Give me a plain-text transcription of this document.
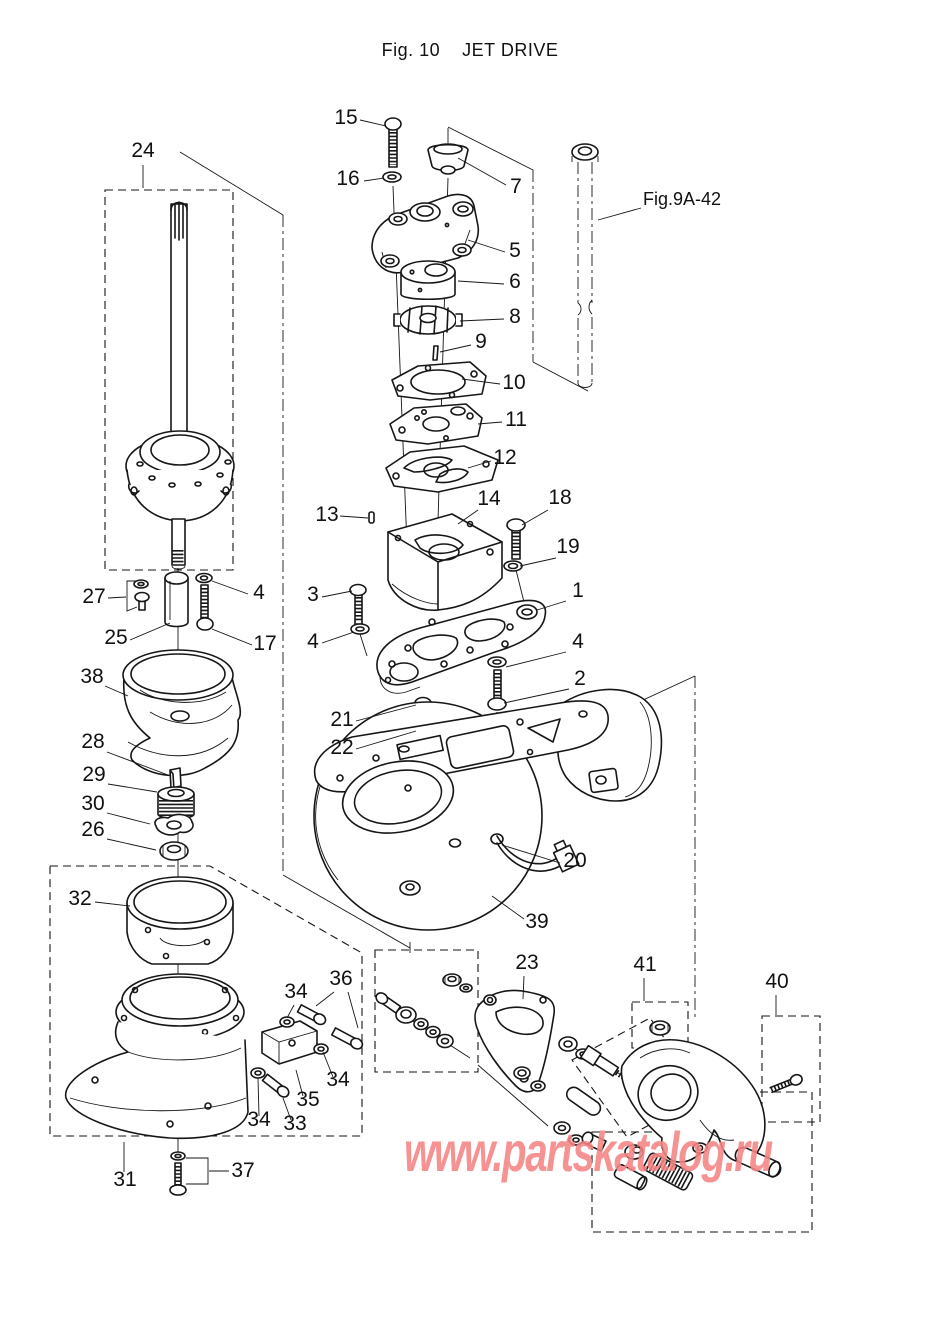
Fig. 10    JET DRIVE
15
16	7
24
Fig.9A-42
5
6
8
9
10
11
12
14
13
18
19
3	1
27	4
25	17 4
38
28
29
30
26
21
22
4
2
20
39
32
31	37
23	41
40
36
34
34
35
34 33 www.partskatalog.ru
